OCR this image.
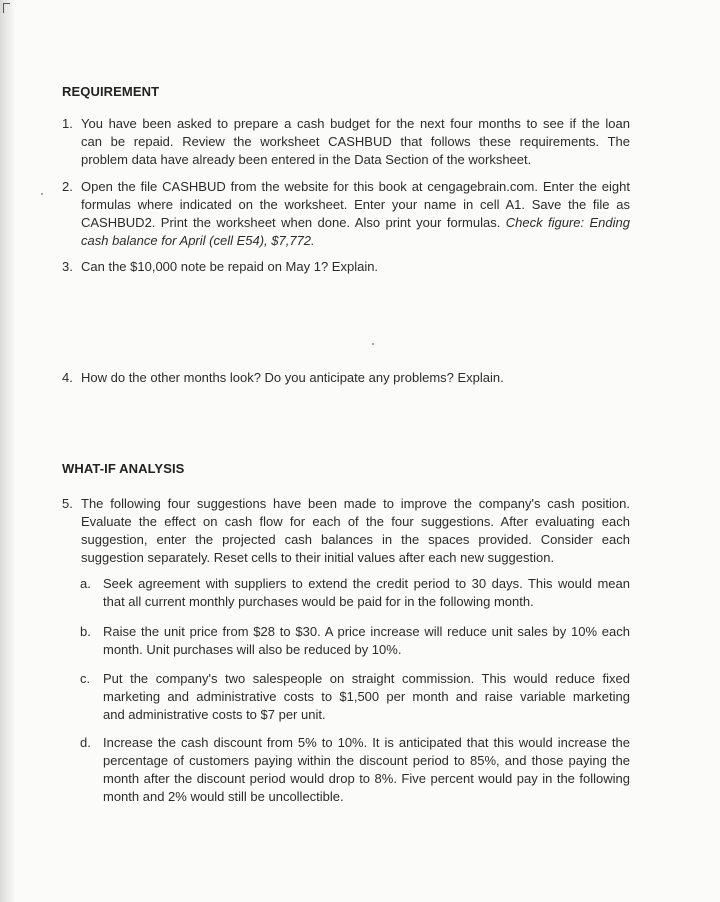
REQUIREMENT
1. You have been asked to prepare a cash budget for the next four months to see if the loan
can be repaid. Review the worksheet CASHBUD that follows these requirements. The
problem data have already been entered in the Data Section of the worksheet.
2. Open the file CASHBUD from the website for this book at cengagebrain.com. Enter the eight
formulas where indicated on the worksheet. Enter your name in cell A1. Save the file as
CASHBUD2. Print the worksheet when done. Also print your formulas. Check figure: Ending
cash balance for April (cell E54), $7,772.
3. Can the $10,000 note be repaid on May 1? Explain.
4. How do the other months look? Do you anticipate any problems? Explain.
WHAT-IF ANALYSIS
5. The following four suggestions have been made to improve the company's cash position.
Evaluate the effect on cash flow for each of the four suggestions. After evaluating each
suggestion, enter the projected cash balances in the spaces provided. Consider each
suggestion separately. Reset cells to their initial values after each new suggestion.
a. Seek agreement with suppliers to extend the credit period to 30 days. This would mean
that all current monthly purchases would be paid for in the following month.
b. Raise the unit price from $28 to $30. A price increase will reduce unit sales by 10% each
month. Unit purchases will also be reduced by 10%.
c. Put the company's two salespeople on straight commission. This would reduce fixed
marketing and administrative costs to $1,500 per month and raise variable marketing
and administrative costs to $7 per unit.
d. Increase the cash discount from 5% to 10%. It is anticipated that this would increase the
percentage of customers paying within the discount period to 85%, and those paying the
month after the discount period would drop to 8%. Five percent would pay in the following
month and 2% would still be uncollectible.
